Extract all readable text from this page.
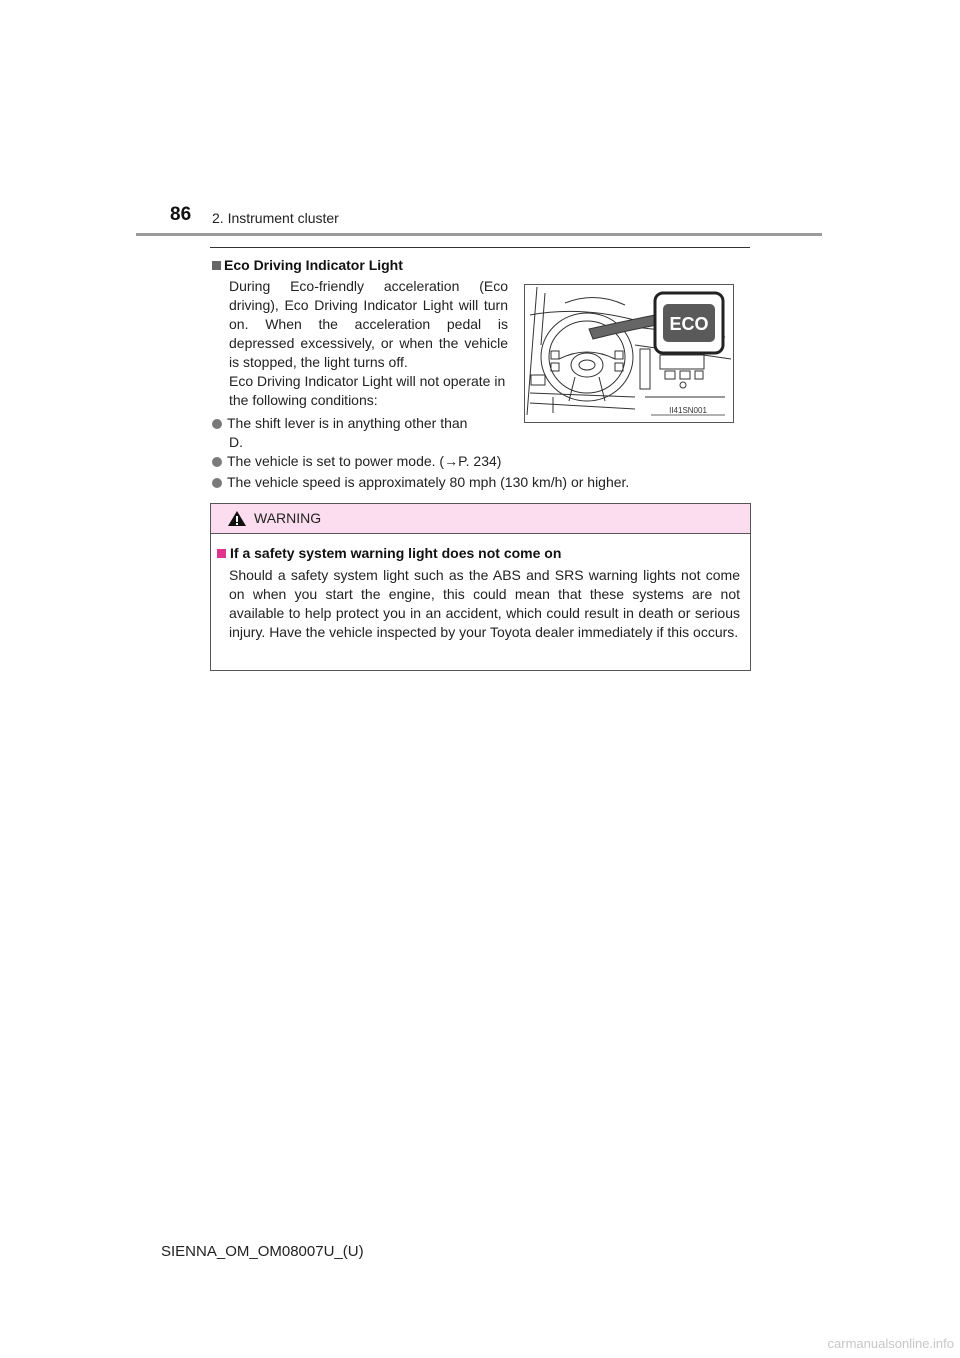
86 2. Instrument cluster
Eco Driving Indicator Light
During Eco-friendly acceleration (Eco driving), Eco Driving Indicator Light will turn on. When the acceleration pedal is depressed excessively, or when the vehicle is stopped, the light turns off.
Eco Driving Indicator Light will not operate in the following conditions:
The shift lever is in anything other than
D.
The vehicle is set to power mode. (→P. 234)
The vehicle speed is approximately 80 mph (130 km/h) or higher.
ECO
II41SN001
WARNING
If a safety system warning light does not come on
Should a safety system light such as the ABS and SRS warning lights not come on when you start the engine, this could mean that these systems are not available to help protect you in an accident, which could result in death or serious injury. Have the vehicle inspected by your Toyota dealer immediately if this occurs.
SIENNA_OM_OM08007U_(U)
carmanualsonline.info
